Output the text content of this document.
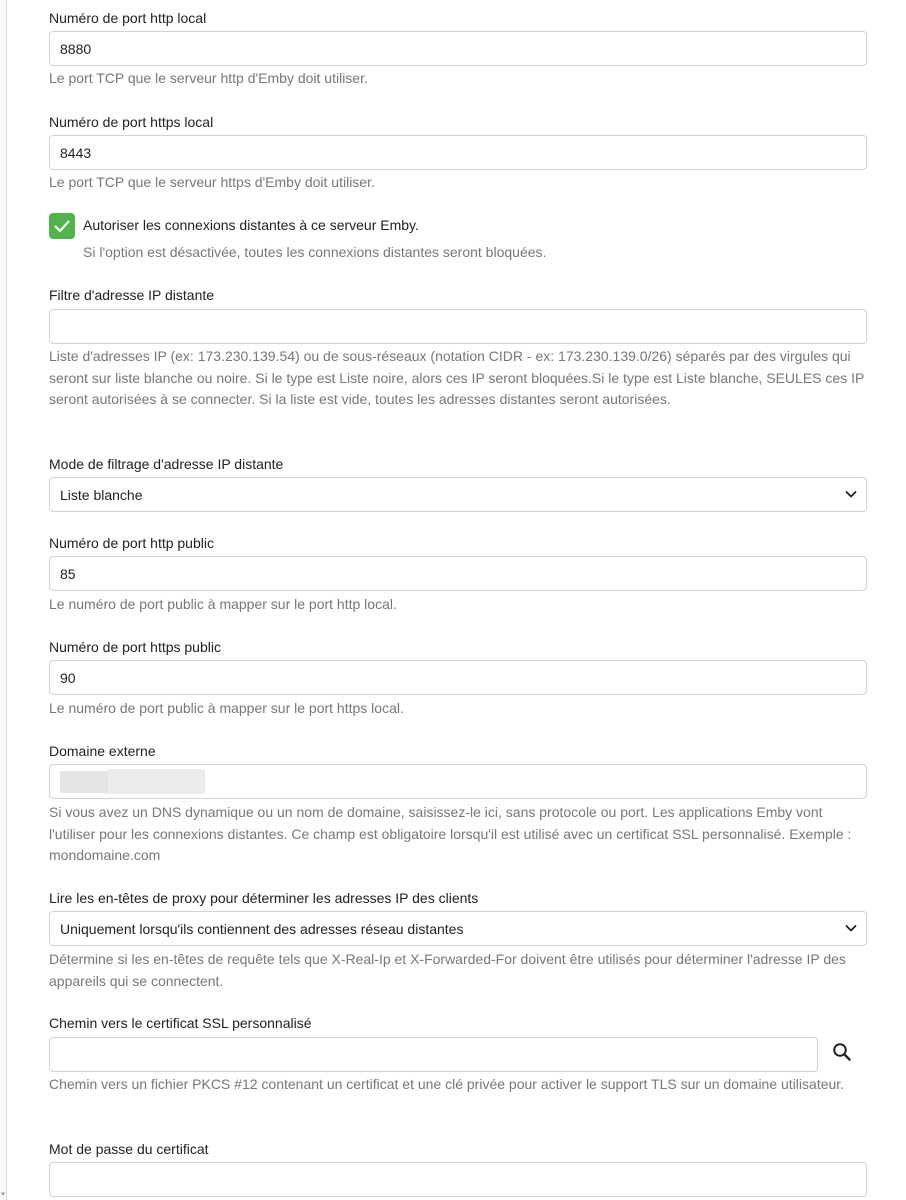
▾
Numéro de port http local
8880
Le port TCP que le serveur http d'Emby doit utiliser.
Numéro de port https local
8443
Le port TCP que le serveur https d'Emby doit utiliser.
Autoriser les connexions distantes à ce serveur Emby.
Si l'option est désactivée, toutes les connexions distantes seront bloquées.
Filtre d'adresse IP distante
Liste d'adresses IP (ex: 173.230.139.54) ou de sous-réseaux (notation CIDR - ex: 173.230.139.0/26) séparés par des virgules qui seront sur liste blanche ou noire. Si le type est Liste noire, alors ces IP seront bloquées.Si le type est Liste blanche, SEULES ces IP seront autorisées à se connecter. Si la liste est vide, toutes les adresses distantes seront autorisées.
Mode de filtrage d'adresse IP distante
Liste blanche
Numéro de port http public
85
Le numéro de port public à mapper sur le port http local.
Numéro de port https public
90
Le numéro de port public à mapper sur le port https local.
Domaine externe
Si vous avez un DNS dynamique ou un nom de domaine, saisissez-le ici, sans protocole ou port. Les applications Emby vont l'utiliser pour les connexions distantes. Ce champ est obligatoire lorsqu'il est utilisé avec un certificat SSL personnalisé. Exemple : mondomaine.com
Lire les en-têtes de proxy pour déterminer les adresses IP des clients
Uniquement lorsqu'ils contiennent des adresses réseau distantes
Détermine si les en-têtes de requête tels que X-Real-Ip et X-Forwarded-For doivent être utilisés pour déterminer l'adresse IP des appareils qui se connectent.
Chemin vers le certificat SSL personnalisé
Chemin vers un fichier PKCS #12 contenant un certificat et une clé privée pour activer le support TLS sur un domaine utilisateur.
Mot de passe du certificat
